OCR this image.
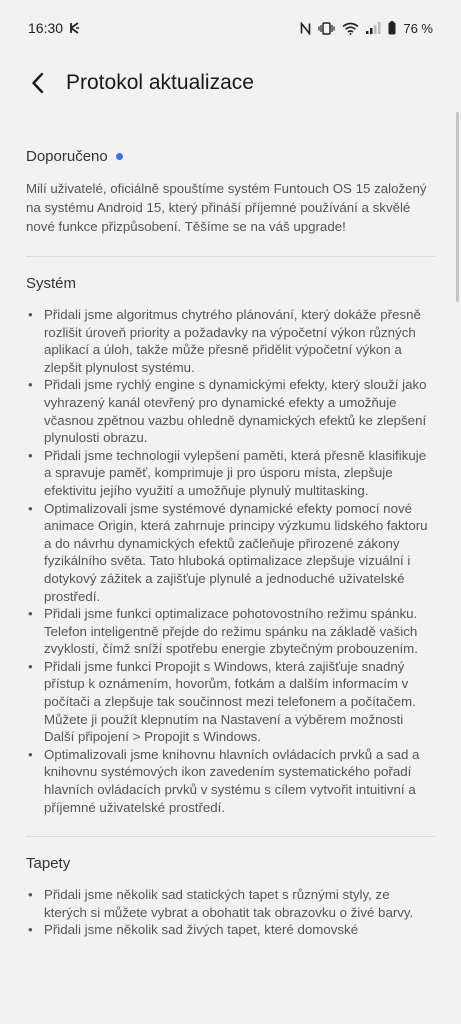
16:30	76 %
Protokol aktualizace
Doporučeno

Milí uživatelé, oficiálně spouštíme systém Funtouch OS 15 založený na systému Android 15, který přináší příjemné používání a skvělé nové funkce přizpůsobení. Těšíme se na váš upgrade!

Systém
• Přidali jsme algoritmus chytrého plánování, který dokáže přesně rozlišit úroveň priority a požadavky na výpočetní výkon různých aplikací a úloh, takže může přesně přidělit výpočetní výkon a zlepšit plynulost systému.
• Přidali jsme rychlý engine s dynamickými efekty, který slouží jako vyhrazený kanál otevřený pro dynamické efekty a umožňuje včasnou zpětnou vazbu ohledně dynamických efektů ke zlepšení plynulosti obrazu.
• Přidali jsme technologii vylepšení paměti, která přesně klasifikuje a spravuje paměť, komprimuje ji pro úsporu místa, zlepšuje efektivitu jejího využití a umožňuje plynulý multitasking.
• Optimalizovali jsme systémové dynamické efekty pomocí nové animace Origin, která zahrnuje principy výzkumu lidského faktoru a do návrhu dynamických efektů začleňuje přirozené zákony fyzikálního světa. Tato hluboká optimalizace zlepšuje vizuální i dotykový zážitek a zajišťuje plynulé a jednoduché uživatelské prostředí.
• Přidali jsme funkci optimalizace pohotovostního režimu spánku. Telefon inteligentně přejde do režimu spánku na základě vašich zvyklostí, čímž sníží spotřebu energie zbytečným probouzením.
• Přidali jsme funkci Propojit s Windows, která zajišťuje snadný přístup k oznámením, hovorům, fotkám a dalším informacím v počítači a zlepšuje tak součinnost mezi telefonem a počítačem. Můžete ji použít klepnutím na Nastavení a výběrem možnosti Další připojení > Propojit s Windows.
• Optimalizovali jsme knihovnu hlavních ovládacích prvků a sad a knihovnu systémových ikon zavedením systematického pořadí hlavních ovládacích prvků v systému s cílem vytvořit intuitivní a příjemné uživatelské prostředí.
Tapety
• Přidali jsme několik sad statických tapet s různými styly, ze kterých si můžete vybrat a obohatit tak obrazovku o živé barvy.
• Přidali jsme několik sad živých tapet, které domovské
